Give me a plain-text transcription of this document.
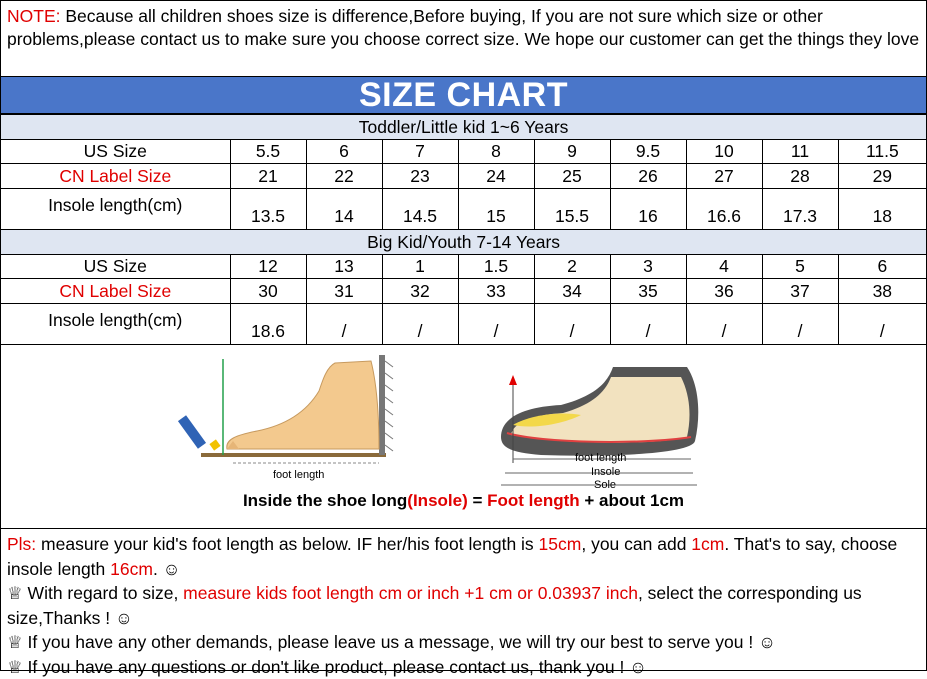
NOTE: Because all children shoes size is difference,Before buying, If you are not sure which size or other problems,please contact us to make sure you choose correct size. We hope our customer can get the things they love
SIZE CHART
Toddler/Little kid 1~6 Years									
US Size	5.5	6	7	8	9	9.5	10	11	11.5
CN Label Size	21	22	23	24	25	26	27	28	29
Insole length(cm)	13.5	14	14.5	15	15.5	16	16.6	17.3	18
Big Kid/Youth 7-14 Years									
US Size	12	13	1	1.5	2	3	4	5	6
CN Label Size	30	31	32	33	34	35	36	37	38
Insole length(cm)	18.6	/	/	/	/	/	/	/	/
foot length
foot length
Insole
Sole
Inside the shoe long(Insole) = Foot length + about 1cm

Pls: measure your kid's foot length as below. IF her/his foot length is 15cm, you can add 1cm. That's to say, choose insole length 16cm. ☺

♕ With regard to size, measure kids foot length cm or inch +1 cm or 0.03937 inch, select the corresponding us size,Thanks ! ☺

♕ If you have any other demands, please leave us a message, we will try our best to serve you ! ☺

♕ If you have any questions or don't like product, please contact us, thank you ! ☺
